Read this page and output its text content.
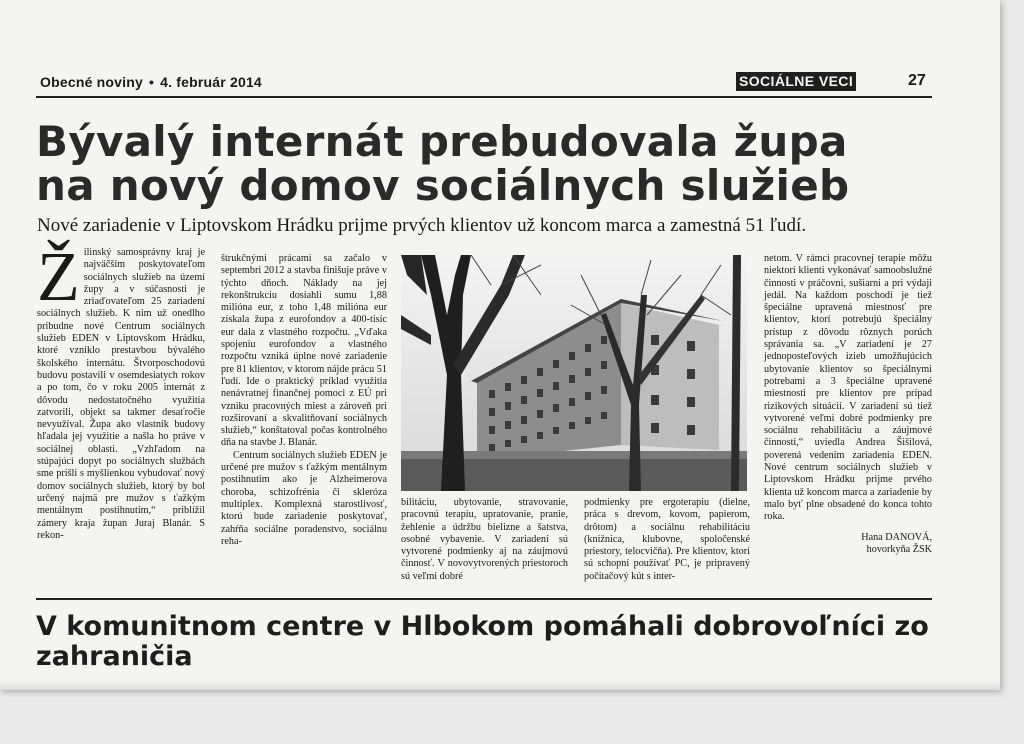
Obecné noviny • 4. február 2014	SOCIÁLNE VECI	27
Bývalý internát prebudovala župa na nový domov sociálnych služieb

Nové zariadenie v Liptovskom Hrádku prijme prvých klientov už koncom marca a zamestná 51 ľudí.

Ž ilinský samosprávny kraj je najväčším poskytovateľom sociálnych služieb na území župy a v súčasnosti je zriaďovateľom 25 zariadení sociálnych služieb. K nim už onedlho pribudne nové Centrum sociálnych služieb EDEN v Liptovskom Hrádku, ktoré vzniklo prestavbou bývalého školského internátu. Štvorposchodovú budovu postavili v osemdesiatych rokov a po tom, čo v roku 2005 internát z dôvodu nedostatočného využitia zatvorili, objekt sa takmer desaťročie nevyužíval. Župa ako vlastník budovy hľadala jej využitie a našla ho práve v sociálnej oblasti. „Vzhľadom na stúpajúci dopyt po sociálnych službách sme prišli s myšlienkou vybudovať nový domov sociálnych služieb, ktorý by bol určený najmä pre mužov s ťažkým mentálnym postihnutím,“ priblížil zámery kraja župan Juraj Blanár. S rekon-

štrukčnými prácami sa začalo v septembri 2012 a stavba finišuje práve v týchto dňoch. Náklady na jej rekonštrukciu dosiahli sumu 1,88 milióna eur, z toho 1,48 milióna eur získala župa z eurofondov a 400-tisíc eur dala z vlastného rozpočtu. „Vďaka spojeniu eurofondov a vlastného rozpočtu vzniká úplne nové zariadenie pre 81 klientov, v ktorom nájde prácu 51 ľudí. Ide o praktický príklad využitia nenávratnej finančnej pomoci z EÚ pri vzniku pracovných miest a zároveň pri rozširovaní a skvalitňovaní sociálnych služieb,“ konštatoval počas kontrolného dňa na stavbe J. Blanár.

Centrum sociálnych služieb EDEN je určené pre mužov s ťažkým mentálnym postihnutím ako je Alzheimerova choroba, schizofrénia či skleróza multiplex. Komplexná starostlivosť, ktorú bude zariadenie poskytovať, zahŕňa sociálne poradenstvo, sociálnu reha-

bilitáciu, ubytovanie, stravovanie, pracovnú terapiu, upratovanie, pranie, žehlenie a údržbu bielizne a šatstva, osobné vybavenie. V zariadení sú vytvorené podmienky aj na záujmovú činnosť. V novovytvorených priestoroch sú veľmi dobré

podmienky pre ergoterapiu (dielne, práca s drevom, kovom, papierom, drôtom) a sociálnu rehabilitáciu (knižnica, klubovne, spoločenské priestory, telocvičňa). Pre klientov, ktorí sú schopní používať PC, je pripravený počítačový kút s inter-

netom. V rámci pracovnej terapie môžu niektorí klienti vykonávať samoobslužné činnosti v práčovni, sušiarni a pri výdaji jedál. Na každom poschodí je tiež špeciálne upravená miestnosť pre klientov, ktorí potrebujú špeciálny prístup z dôvodu rôznych porúch správania sa. „V zariadení je 27 jednoposteľových izieb umožňujúcich ubytovanie klientov so špeciálnymi potrebami a 3 špeciálne upravené miestnosti pre klientov pre prípad rizikových situácií. V zariadení sú tiež vytvorené veľmi dobré podmienky pre sociálnu rehabilitáciu a záujmové činnosti,“ uviedla Andrea Šišilová, poverená vedením zariadenia EDEN. Nové centrum sociálnych služieb v Liptovskom Hrádku prijme prvého klienta už koncom marca a zariadenie by malo byť plne obsadené do konca tohto roka.

Hana DANOVÁ,
hovorkyňa ŽSK
V komunitnom centre v Hlbokom pomáhali dobrovoľníci zo zahraničia
